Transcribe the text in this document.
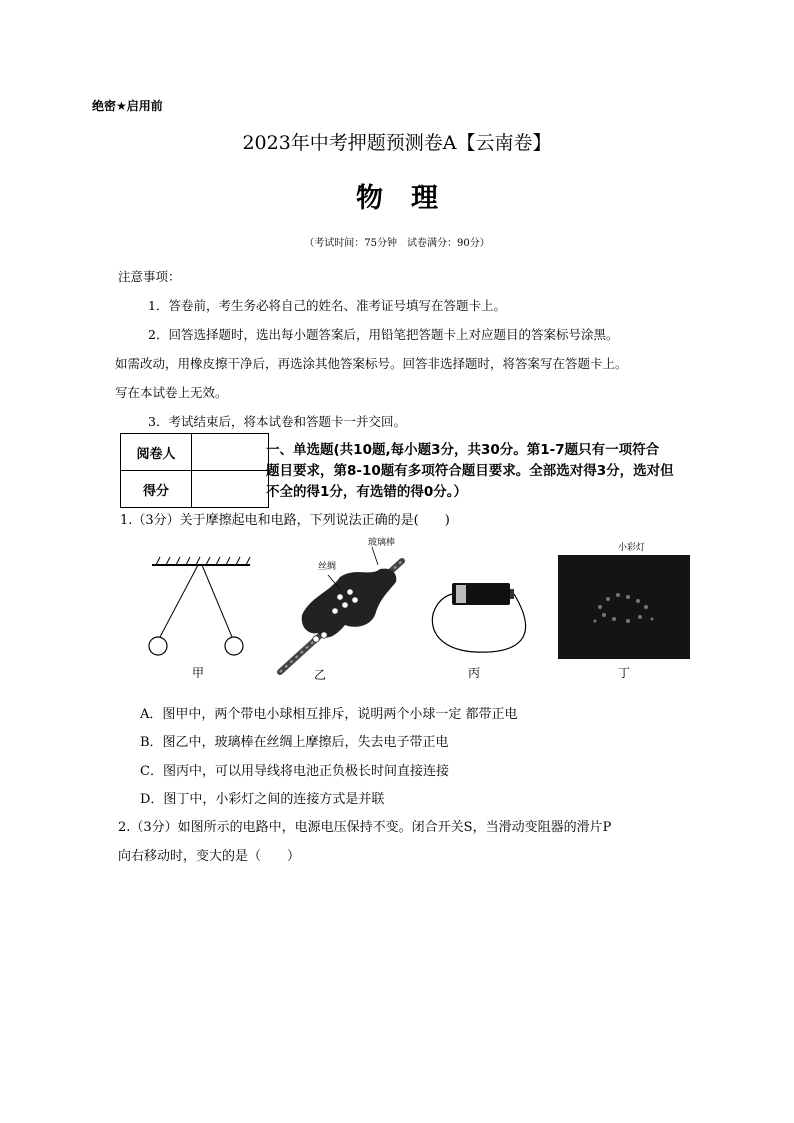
绝密★启用前
2023年中考押题预测卷A【云南卷】
物理
（考试时间：75分钟　试卷满分：90分）

注意事项：

1．答卷前，考生务必将自己的姓名、准考证号填写在答题卡上。

2．回答选择题时，选出每小题答案后，用铅笔把答题卡上对应题目的答案标号涂黑。

如需改动，用橡皮擦干净后，再选涂其他答案标号。回答非选择题时，将答案写在答题卡上。

写在本试卷上无效。

3．考试结束后，将本试卷和答题卡一并交回。

阅卷人	
得分	
一、单选题(共10题,每小题3分，共30分。第1-7题只有一项符合
题目要求，第8-10题有多项符合题目要求。全部选对得3分，选对但
不全的得1分，有选错的得0分。）
1.（3分）关于摩擦起电和电路，下列说法正确的是(　　)
甲
丝绸
玻璃棒
乙	丙
小彩灯
丁
A．图甲中，两个带电小球相互排斥，说明两个小球一定 都带正电
B．图乙中，玻璃棒在丝绸上摩擦后，失去电子带正电
C．图丙中，可以用导线将电池正负极长时间直接连接
D．图丁中，小彩灯之间的连接方式是并联
2.（3分）如图所示的电路中，电源电压保持不变。闭合开关S，当滑动变阻器的滑片P
向右移动时，变大的是（　　）
